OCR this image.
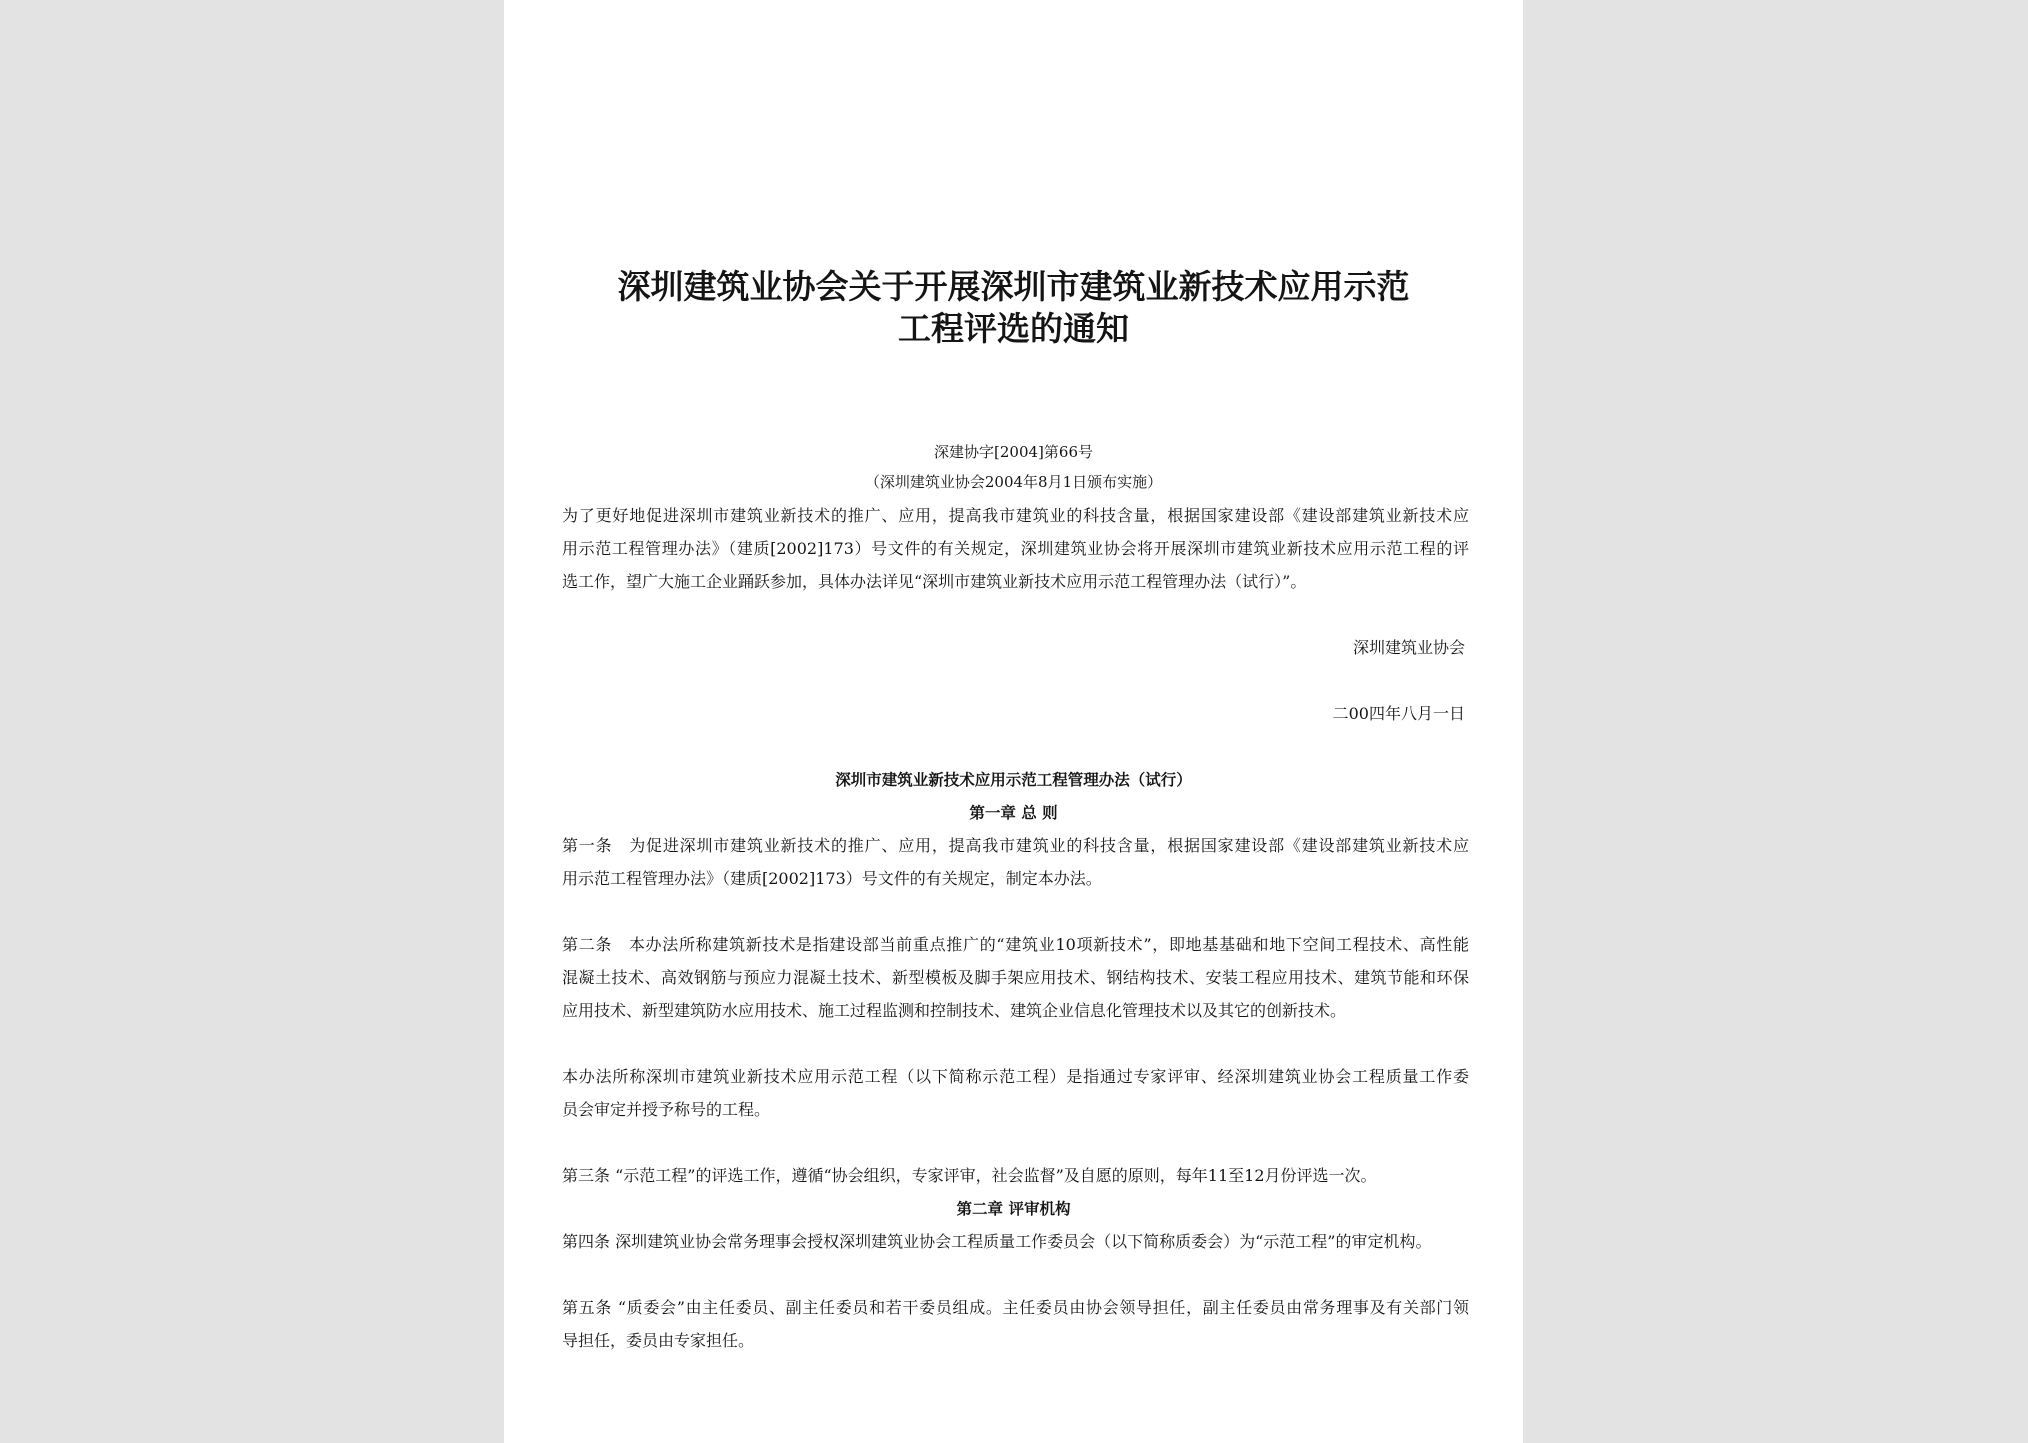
深圳建筑业协会关于开展深圳市建筑业新技术应用示范
工程评选的通知
深建协字[2004]第66号
（深圳建筑业协会2004年8月1日颁布实施）
为了更好地促进深圳市建筑业新技术的推广、应用，提高我市建筑业的科技含量，根据国家建设部《建设部建筑业新技术应
用示范工程管理办法》（建质[2002]173）号文件的有关规定，深圳建筑业协会将开展深圳市建筑业新技术应用示范工程的评
选工作，望广大施工企业踊跃参加，具体办法详见“深圳市建筑业新技术应用示范工程管理办法（试行）”。
深圳建筑业协会
二00四年八月一日
深圳市建筑业新技术应用示范工程管理办法（试行）
第一章 总 则
第一条　为促进深圳市建筑业新技术的推广、应用，提高我市建筑业的科技含量，根据国家建设部《建设部建筑业新技术应
用示范工程管理办法》（建质[2002]173）号文件的有关规定，制定本办法。
第二条　本办法所称建筑新技术是指建设部当前重点推广的“建筑业10项新技术”，即地基基础和地下空间工程技术、高性能
混凝土技术、高效钢筋与预应力混凝土技术、新型模板及脚手架应用技术、钢结构技术、安装工程应用技术、建筑节能和环保
应用技术、新型建筑防水应用技术、施工过程监测和控制技术、建筑企业信息化管理技术以及其它的创新技术。
本办法所称深圳市建筑业新技术应用示范工程（以下简称示范工程）是指通过专家评审、经深圳建筑业协会工程质量工作委
员会审定并授予称号的工程。
第三条 “示范工程”的评选工作，遵循“协会组织，专家评审，社会监督”及自愿的原则，每年11至12月份评选一次。
第二章 评审机构
第四条 深圳建筑业协会常务理事会授权深圳建筑业协会工程质量工作委员会（以下简称质委会）为“示范工程”的审定机构。
第五条 “质委会”由主任委员、副主任委员和若干委员组成。主任委员由协会领导担任，副主任委员由常务理事及有关部门领
导担任，委员由专家担任。
